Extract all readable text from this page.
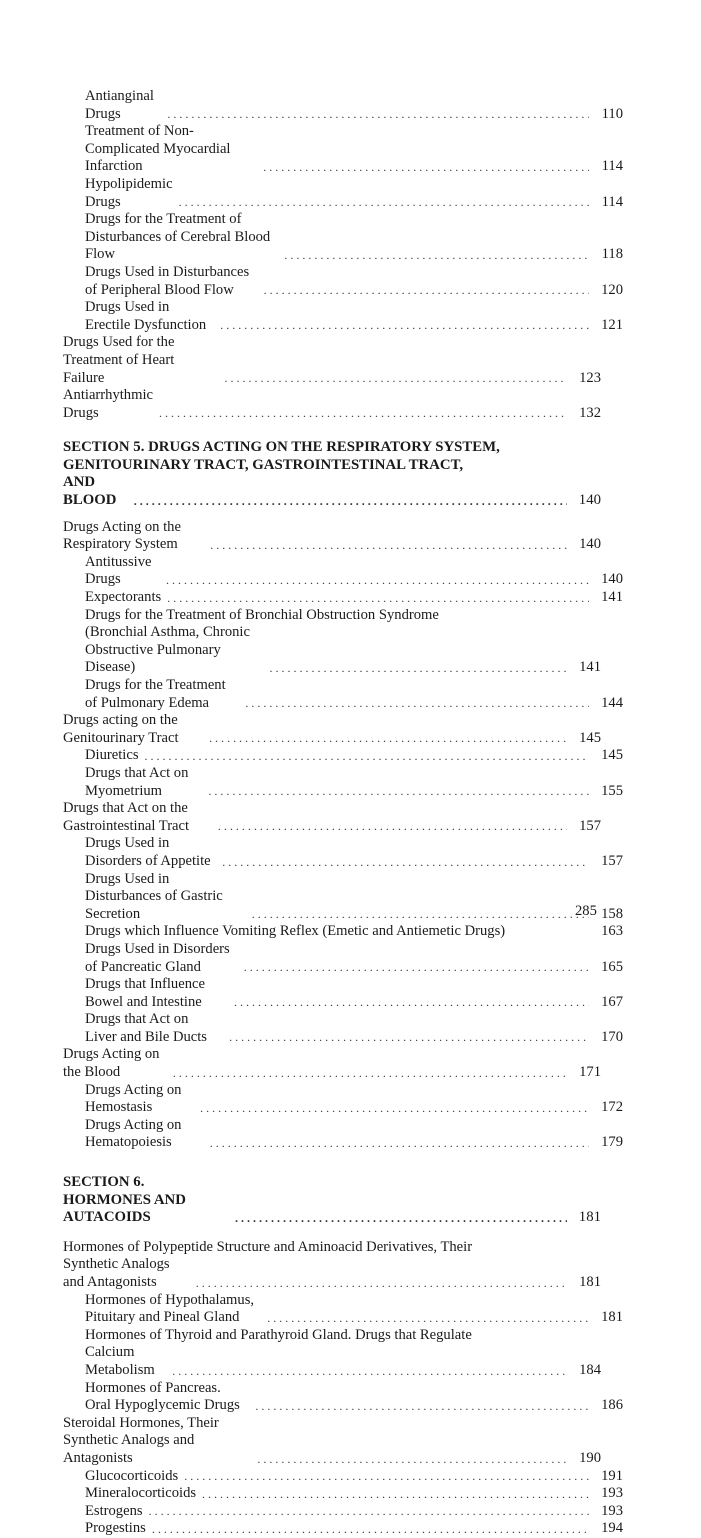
Antianginal Drugs . . .	110
Treatment of Non-Complicated Myocardial Infarction . . .	114
Hypolipidemic Drugs . . .	114
Drugs for the Treatment of Disturbances of Cerebral Blood Flow . . .	118
Drugs Used in Disturbances of Peripheral Blood Flow . . .	120
Drugs Used in Erectile Dysfunction . . .	121
Drugs Used for the Treatment of Heart Failure . . .	123
Antiarrhythmic Drugs . . .	132
SECTION 5. DRUGS ACTING ON THE RESPIRATORY SYSTEM,
GENITOURINARY TRACT, GASTROINTESTINAL TRACT,
AND BLOOD . . .	140
Drugs Acting on the Respiratory System . . .	140
Antitussive Drugs . . .	140
Expectorants . . .	141
Drugs for the Treatment of Bronchial Obstruction Syndrome
(Bronchial Asthma, Chronic Obstructive Pulmonary Disease) . . .	141
Drugs for the Treatment of Pulmonary Edema . . .	144
Drugs acting on the Genitourinary Tract . . .	145
Diuretics . . .	145
Drugs that Act on Myometrium . . .	155
Drugs that Act on the Gastrointestinal Tract . . .	157
Drugs Used in Disorders of Appetite . . .	157
Drugs Used in Disturbances of Gastric Secretion . . .	158
Drugs which Influence Vomiting Reflex (Emetic and Antiemetic Drugs)	163
Drugs Used in Disorders of Pancreatic Gland . . .	165
Drugs that Influence Bowel and Intestine . . .	167
Drugs that Act on Liver and Bile Ducts . . .	170
Drugs Acting on the Blood . . .	171
Drugs Acting on Hemostasis . . .	172
Drugs Acting on Hematopoiesis . . .	179
SECTION 6. HORMONES AND AUTACOIDS . . .	181
Hormones of Polypeptide Structure and Aminoacid Derivatives, Their
Synthetic Analogs and Antagonists . . .	181
Hormones of Hypothalamus, Pituitary and Pineal Gland . . .	181
Hormones of Thyroid and Parathyroid Gland. Drugs that Regulate
Calcium Metabolism . . .	184
Hormones of Pancreas. Oral Hypoglycemic Drugs . . .	186
Steroidal Hormones, Their Synthetic Analogs and Antagonists . . .	190
Glucocorticoids . . .	191
Mineralocorticoids . . .	193
Estrogens . . .	193
Progestins . . .	194
285
